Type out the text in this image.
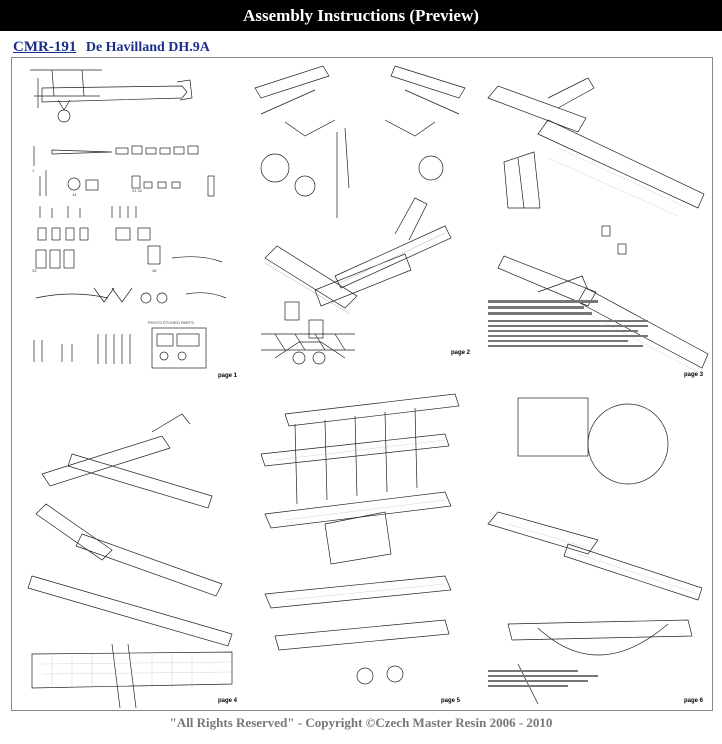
Assembly Instructions (Preview)
CMR-191 De Havilland DH.9A
1
14
31 32
33	48
PHOTO ETCHED PARTS
page 1
page 2
page 3
page 4	page 5	page 6
"All Rights Reserved" - Copyright ©Czech Master Resin 2006 - 2010
